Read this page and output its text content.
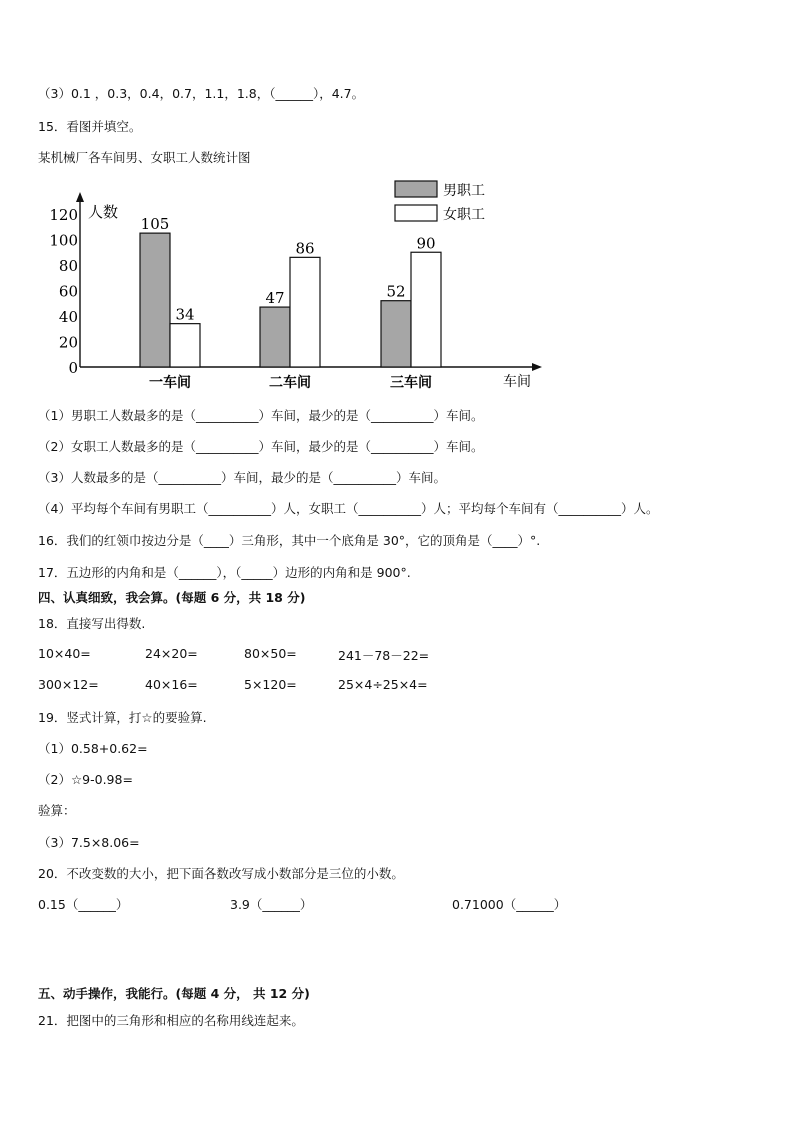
（3）0.1 ，0.3，0.4，0.7，1.1，1.8，（______），4.7。
15．看图并填空。
某机械厂各车间男、女职工人数统计图
人数
车间
0
20
40
60
80
100
120
105
34
47
86
52
90
一车间	二车间	三车间
男职工
女职工
（1）男职工人数最多的是（__________）车间，最少的是（__________）车间。
（2）女职工人数最多的是（__________）车间，最少的是（__________）车间。
（3）人数最多的是（__________）车间，最少的是（__________）车间。
（4）平均每个车间有男职工（__________）人，女职工（__________）人；平均每个车间有（__________）人。
16．我们的红领巾按边分是（____）三角形，其中一个底角是 30°，它的顶角是（____）°.
17．五边形的内角和是（______），（_____）边形的内角和是 900°.
四、认真细致，我会算。(每题 6 分，共 18 分)
18．直接写出得数.
10×40=	24×20=	80×50=	241－78－22=
300×12=	40×16=	5×120=	25×4÷25×4=
19．竖式计算，打☆的要验算.
（1）0.58+0.62=
（2）☆9-0.98=
验算：
（3）7.5×8.06=
20．不改变数的大小，把下面各数改写成小数部分是三位的小数。
0.15（______）	3.9（______）	0.71000（______）
五、动手操作，我能行。(每题 4 分， 共 12 分)
21．把图中的三角形和相应的名称用线连起来。
